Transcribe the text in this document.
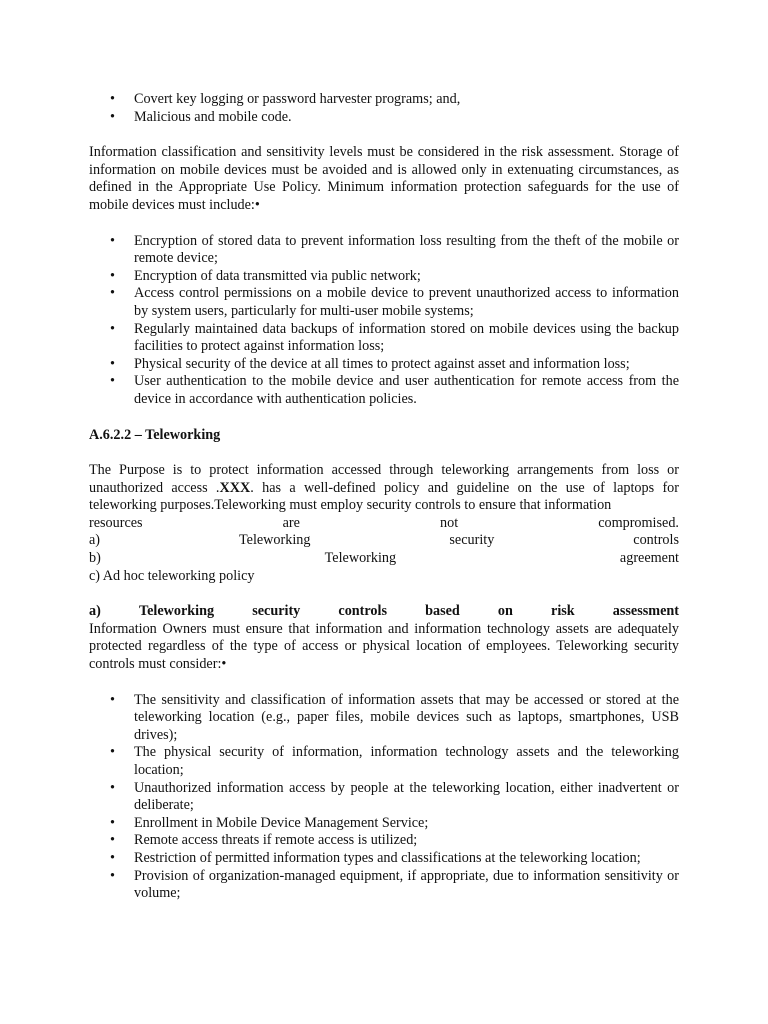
• Covert key logging or password harvester programs; and,
• Malicious and mobile code.

Information classification and sensitivity levels must be considered in the risk assessment. Storage of information on mobile devices must be avoided and is allowed only in extenuating circumstances, as defined in the Appropriate Use Policy. Minimum information protection safeguards for the use of mobile devices must include:•

• Encryption of stored data to prevent information loss resulting from the theft of the mobile or remote device;
• Encryption of data transmitted via public network;
• Access control permissions on a mobile device to prevent unauthorized access to information by system users, particularly for multi-user mobile systems;
• Regularly maintained data backups of information stored on mobile devices using the backup facilities to protect against information loss;
• Physical security of the device at all times to protect against asset and information loss;
• User authentication to the mobile device and user authentication for remote access from the device in accordance with authentication policies.

A.6.2.2 – Teleworking

The Purpose is to protect information accessed through teleworking arrangements from loss or unauthorized access .XXX. has a well-defined policy and guideline on the use of laptops for teleworking purposes.Teleworking must employ security controls to ensure that information

resources	are	not	compromised.
a)	Teleworking	security	controls
b)	Teleworking	agreement

c) Ad hoc teleworking policy

a)	Teleworking	security	controls	based	on	risk	assessment

Information Owners must ensure that information and information technology assets are adequately protected regardless of the type of access or physical location of employees. Teleworking security controls must consider:•

• The sensitivity and classification of information assets that may be accessed or stored at the teleworking location (e.g., paper files, mobile devices such as laptops, smartphones, USB drives);
• The physical security of information, information technology assets and the teleworking location;
• Unauthorized information access by people at the teleworking location, either inadvertent or deliberate;
• Enrollment in Mobile Device Management Service;
• Remote access threats if remote access is utilized;
• Restriction of permitted information types and classifications at the teleworking location;
• Provision of organization-managed equipment, if appropriate, due to information sensitivity or volume;
